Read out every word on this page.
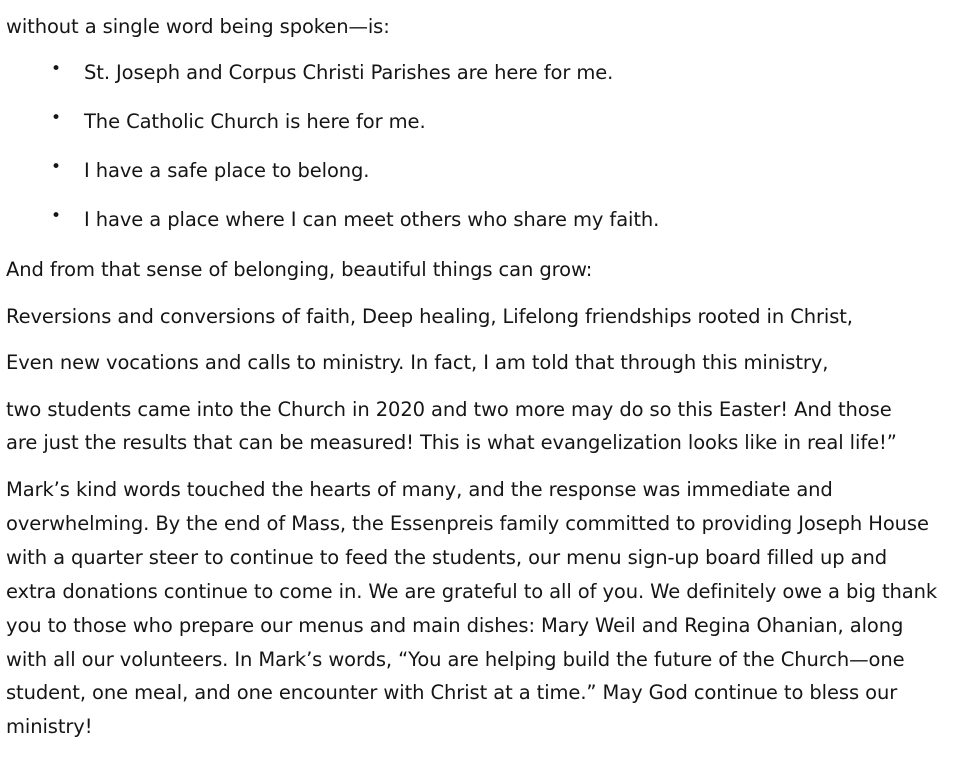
without a single word being spoken—is:

• St. Joseph and Corpus Christi Parishes are here for me.
• The Catholic Church is here for me.
• I have a safe place to belong.
• I have a place where I can meet others who share my faith.

And from that sense of belonging, beautiful things can grow:

Reversions and conversions of faith, Deep healing, Lifelong friendships rooted in Christ,

Even new vocations and calls to ministry. In fact, I am told that through this ministry,

two students came into the Church in 2020 and two more may do so this Easter! And those

are just the results that can be measured! This is what evangelization looks like in real life!”

Mark’s kind words touched the hearts of many, and the response was immediate and overwhelming. By the end of Mass, the Essenpreis family committed to providing Joseph House with a quarter steer to continue to feed the students, our menu sign-up board filled up and extra donations continue to come in. We are grateful to all of you. We definitely owe a big thank you to those who prepare our menus and main dishes: Mary Weil and Regina Ohanian, along with all our volunteers. In Mark’s words, “You are helping build the future of the Church—one student, one meal, and one encounter with Christ at a time.” May God continue to bless our ministry!
